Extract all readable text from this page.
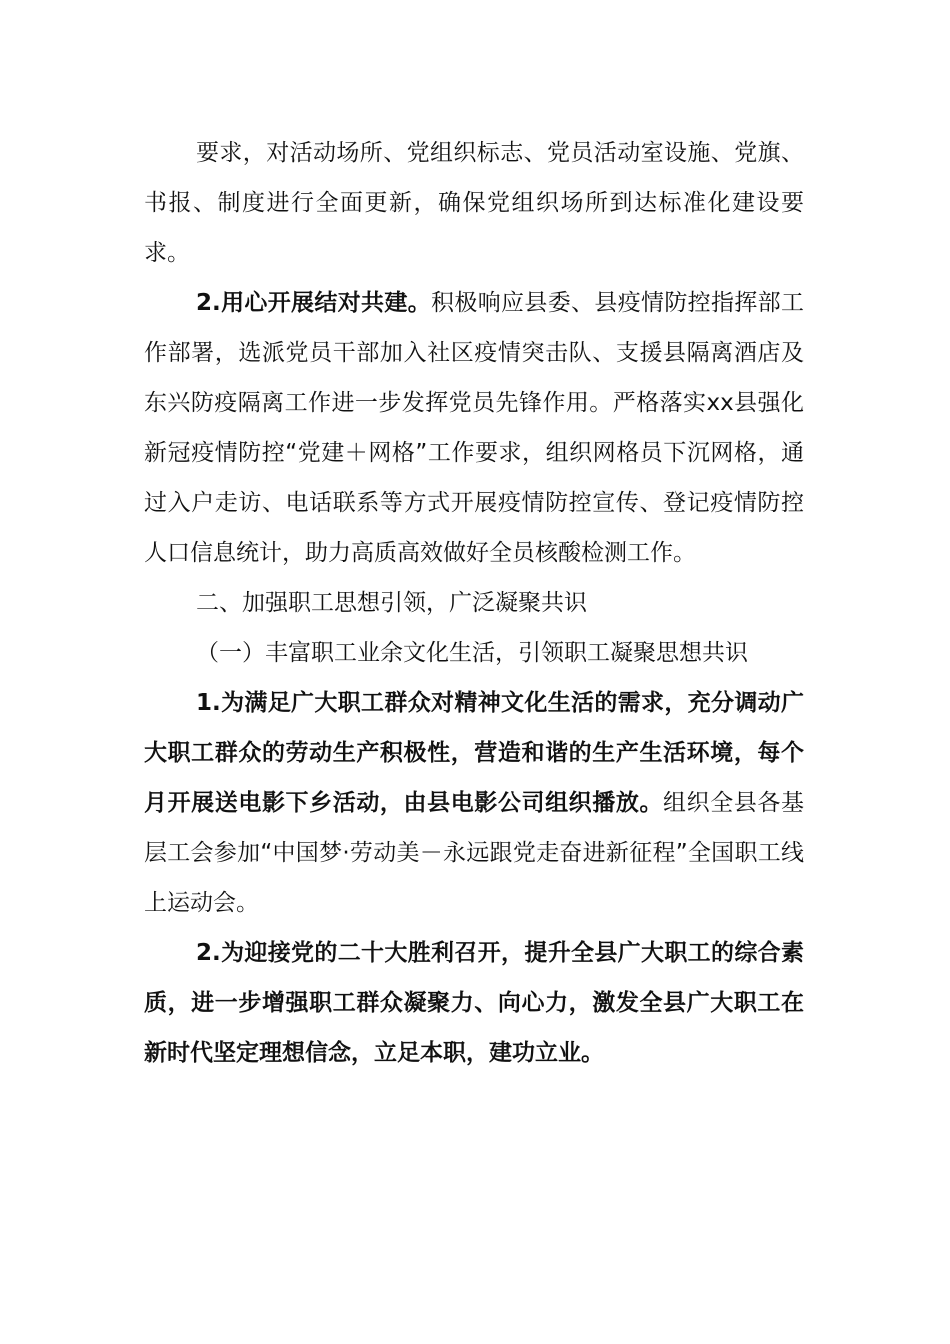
要求，对活动场所、党组织标志、党员活动室设施、党旗、书报、制度进行全面更新，确保党组织场所到达标准化建设要求。

2.用心开展结对共建。积极响应县委、县疫情防控指挥部工作部署，选派党员干部加入社区疫情突击队、支援县隔离酒店及东兴防疫隔离工作进一步发挥党员先锋作用。严格落实xx县强化新冠疫情防控“党建＋网格”工作要求，组织网格员下沉网格，通过入户走访、电话联系等方式开展疫情防控宣传、登记疫情防控人口信息统计，助力高质高效做好全员核酸检测工作。

二、加强职工思想引领，广泛凝聚共识

（一）丰富职工业余文化生活，引领职工凝聚思想共识

1.为满足广大职工群众对精神文化生活的需求，充分调动广大职工群众的劳动生产积极性，营造和谐的生产生活环境，每个月开展送电影下乡活动，由县电影公司组织播放。组织全县各基层工会参加“中国梦·劳动美－永远跟党走奋进新征程”全国职工线上运动会。

2.为迎接党的二十大胜利召开，提升全县广大职工的综合素质，进一步增强职工群众凝聚力、向心力，激发全县广大职工在新时代坚定理想信念，立足本职，建功立业。
